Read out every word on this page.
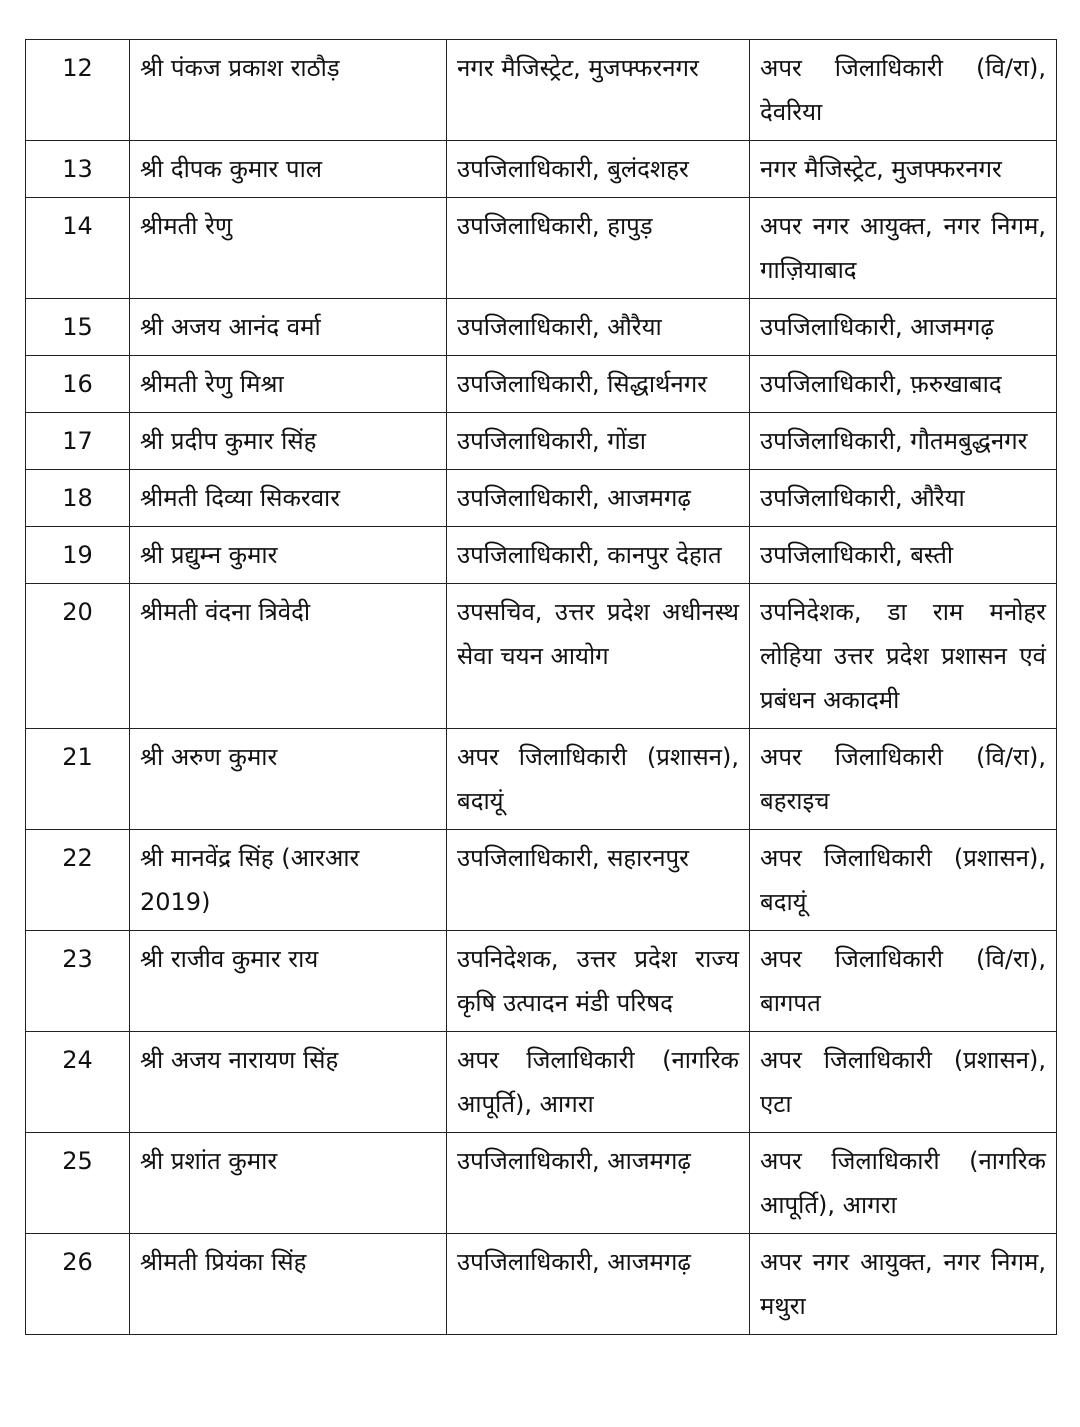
12	श्री पंकज प्रकाश राठौड़	नगर मैजिस्ट्रेट, मुजफ्फरनगर	अपर जिलाधिकारी (वि/रा), देवरिया
13	श्री दीपक कुमार पाल	उपजिलाधिकारी, बुलंदशहर	नगर मैजिस्ट्रेट, मुजफ्फरनगर
14	श्रीमती रेणु	उपजिलाधिकारी, हापुड़	अपर नगर आयुक्त, नगर निगम, गाज़ियाबाद
15	श्री अजय आनंद वर्मा	उपजिलाधिकारी, औरैया	उपजिलाधिकारी, आजमगढ़
16	श्रीमती रेणु मिश्रा	उपजिलाधिकारी, सिद्धार्थनगर	उपजिलाधिकारी, फ़रुखाबाद
17	श्री प्रदीप कुमार सिंह	उपजिलाधिकारी, गोंडा	उपजिलाधिकारी, गौतमबुद्धनगर
18	श्रीमती दिव्या सिकरवार	उपजिलाधिकारी, आजमगढ़	उपजिलाधिकारी, औरैया
19	श्री प्रद्युम्न कुमार	उपजिलाधिकारी, कानपुर देहात	उपजिलाधिकारी, बस्ती
20	श्रीमती वंदना त्रिवेदी	उपसचिव, उत्तर प्रदेश अधीनस्थ सेवा चयन आयोग	उपनिदेशक, डा राम मनोहर लोहिया उत्तर प्रदेश प्रशासन एवं प्रबंधन अकादमी
21	श्री अरुण कुमार	अपर जिलाधिकारी (प्रशासन), बदायूं	अपर जिलाधिकारी (वि/रा), बहराइच
22	श्री मानवेंद्र सिंह (आरआर 2019)	उपजिलाधिकारी, सहारनपुर	अपर जिलाधिकारी (प्रशासन), बदायूं
23	श्री राजीव कुमार राय	उपनिदेशक, उत्तर प्रदेश राज्य कृषि उत्पादन मंडी परिषद	अपर जिलाधिकारी (वि/रा), बागपत
24	श्री अजय नारायण सिंह	अपर जिलाधिकारी (नागरिक आपूर्ति), आगरा	अपर जिलाधिकारी (प्रशासन), एटा
25	श्री प्रशांत कुमार	उपजिलाधिकारी, आजमगढ़	अपर जिलाधिकारी (नागरिक आपूर्ति), आगरा
26	श्रीमती प्रियंका सिंह	उपजिलाधिकारी, आजमगढ़	अपर नगर आयुक्त, नगर निगम, मथुरा
